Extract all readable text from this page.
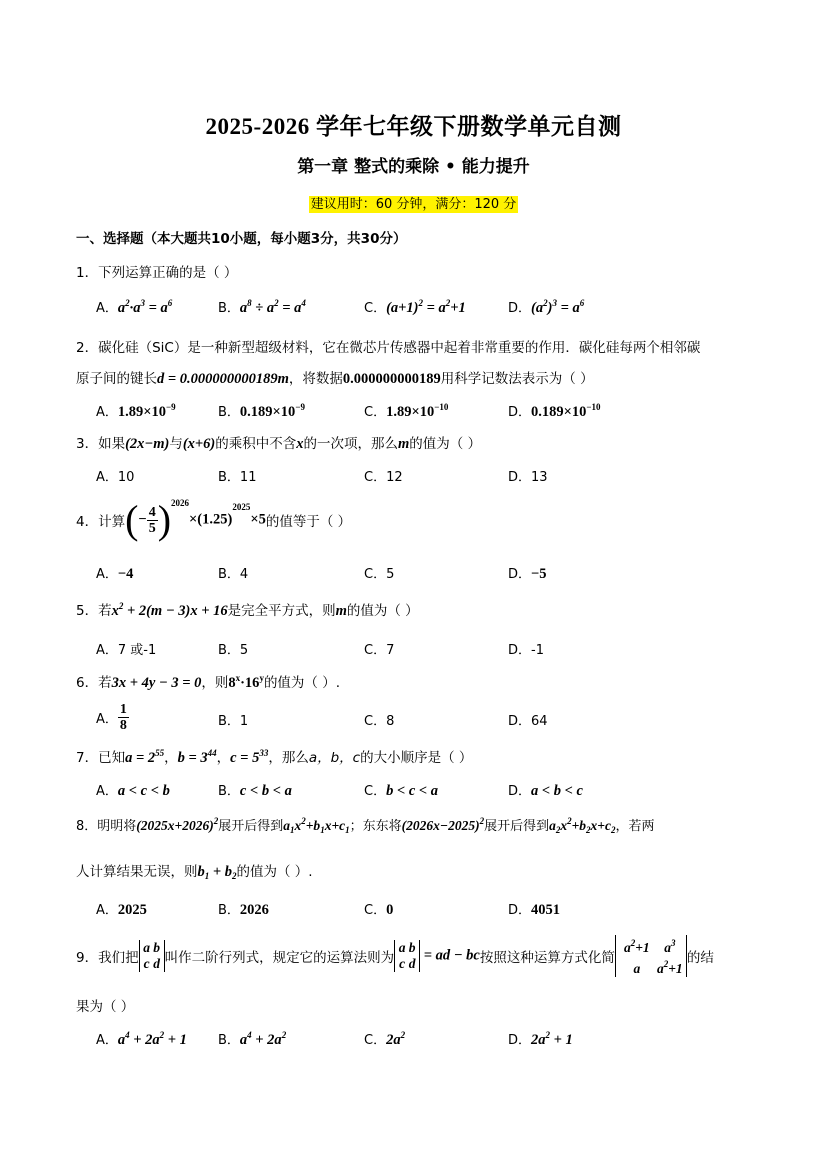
2025-2026 学年七年级下册数学单元自测
第一章 整式的乘除 • 能力提升
建议用时：60 分钟，满分：120 分
一、选择题（本大题共10小题，每小题3分，共30分）
1．下列运算正确的是（ ）
A．$a^2\cdot a^3 = a^6$	B．$a^8 \div a^2 = a^4$	C．$(a+1)^2 = a^2+1$	D．$(a^2)^3 = a^6$
2．碳化硅（SiC）是一种新型超级材料，它在微芯片传感器中起着非常重要的作用．碳化硅每两个相邻碳
原子间的键长d = 0.000000000189m，将数据0.000000000189用科学记数法表示为（ ）
A．$1.89\times 10^{-9}$	B．$0.189\times 10^{-9}$	C．$1.89\times 10^{-10}$	D．$0.189\times 10^{-10}$
3．如果(2x−m)与(x+6)的乘积中不含x的一次项，那么m的值为（ ）
A．10	B．11	C．12	D．13
4．计算(− $\frac{4}{5} )^{2026}\times(1.25)^{2025}\times 5$的值等于（ ）
A．−4	B．4	C．5	D．−5
5．若$x^2 + 2(m - 3)x + 16$是完全平方式，则m的值为（ ）
A．7 或-1	B．5	C．7	D．-1
6．若3x + 4y − 3 = 0，则$8^x\cdot 16^y$的值为（ ）.
A． $\frac{1}{8}$	B．1	C．8	D．64
7．已知$a = 2^{55}$，$b = 3^{44}$，$c = 5^{33}$，那么a，b，c的大小顺序是（ ）
A．a < c < b	B．c < b < a	C．b < c < a	D．a < b < c
8．明明将$(2025x+2026)^2$展开后得到$a_1x^2+b_1x+c_1$；东东将$(2026x-2025)^2$展开后得到$a_2x^2+b_2x+c_2$，若两
人计算结果无误，则$b_1 + b_2$的值为（ ）.
A．2025	B．2026	C．0	D．4051
9．我们把
a b
c d 叫作二阶行列式，规定它的运算法则为
a b
c d = ad − bc按照这种运算方式化简
$a^2+1$ $a^3$
a $a^2+1$
的结
果为（ ）
A．$a^4 + 2a^2 + 1$ B．$a^4 + 2a^2$	C．$2a^2$	D．$2a^2 + 1$
